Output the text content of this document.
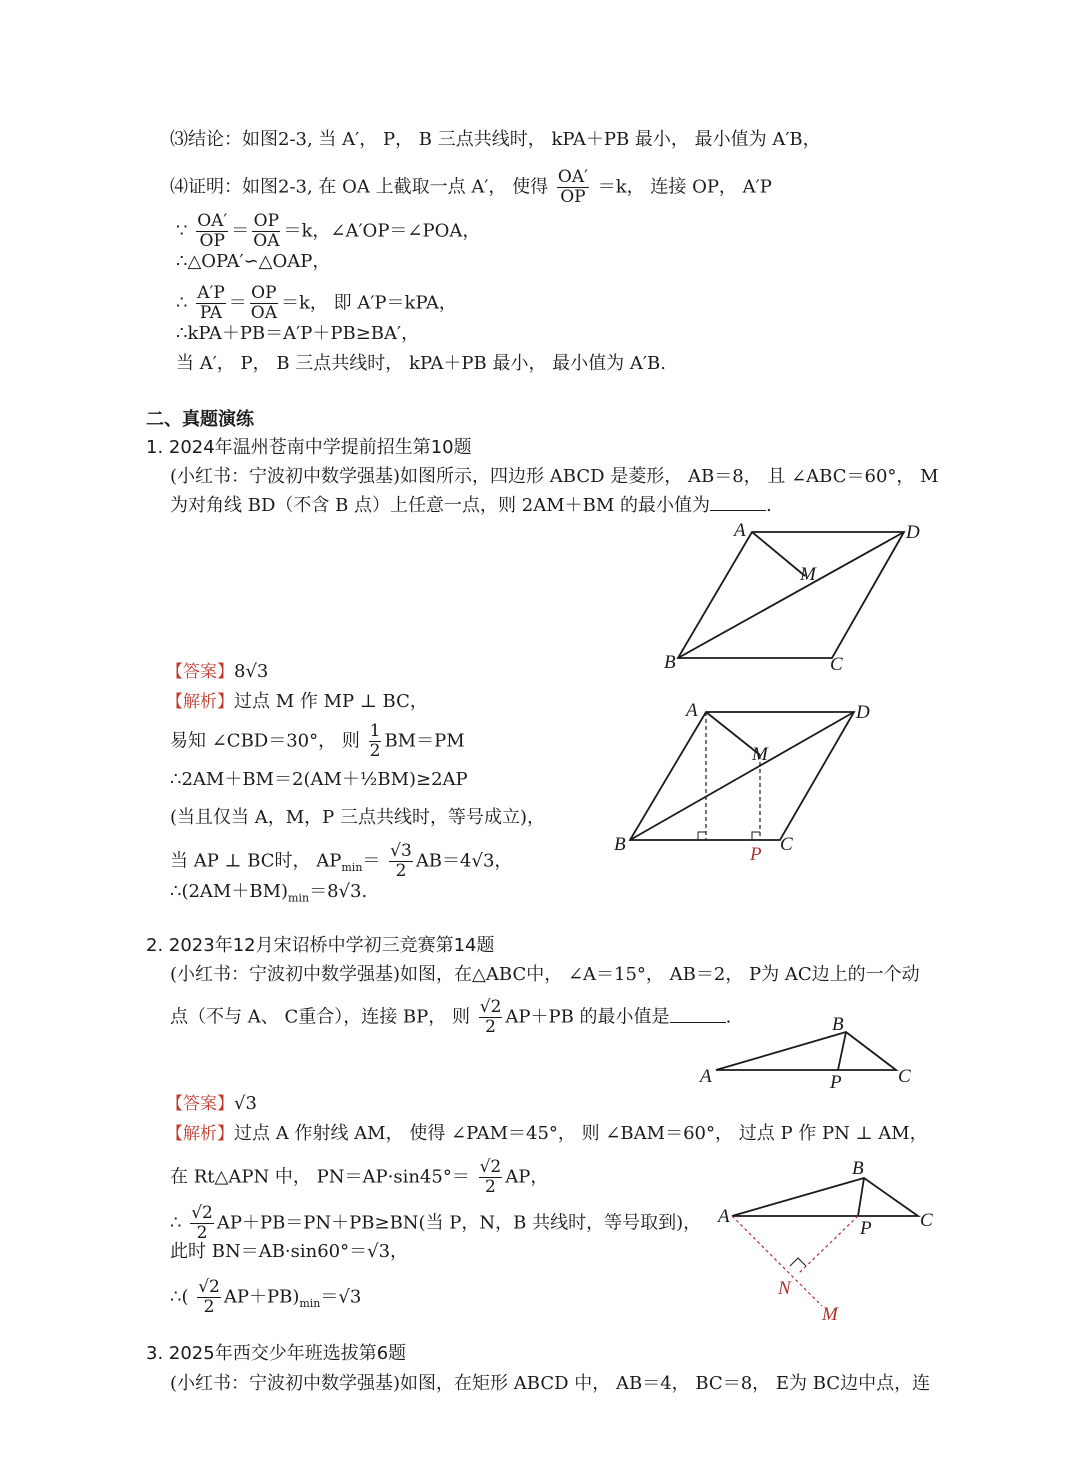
⑶结论：如图2-3, 当 A′， P， B 三点共线时， kPA＋PB 最小， 最小值为 A′B，
⑷证明：如图2-3, 在 OA 上截取一点 A′， 使得 $\frac{OA'}{OP} =k$， 连接 OP， A′P
∵ $\frac{OA'}{OP} = \frac{OP}{OA} =k$，∠A′OP＝∠POA，
∴△OPA′∽△OAP，
∴ $\frac{A'P}{PA} = \frac{OP}{OA} =k$， 即 A′P＝kPA，
∴kPA＋PB＝A′P＋PB≥BA′，
当 A′， P， B 三点共线时， kPA＋PB 最小， 最小值为 A′B.
二、真题演练
1. 2024年温州苍南中学提前招生第10题
(小红书：宁波初中数学强基)如图所示，四边形 ABCD 是菱形， AB＝8， 且 ∠ABC＝60°， M
为对角线 BD（不含 B 点）上任意一点，则 2AM＋BM 的最小值为	.
A	D
M
B	C
【答案】8√3
【解析】过点 M 作 MP ⊥ BC，
易知 ∠CBD＝30°， 则 $\frac{1}{2} BM=PM$
∴2AM＋BM＝2(AM＋½BM)≥2AP
(当且仅当 A，M，P 三点共线时，等号成立)，
当 AP ⊥ BC时， $AP_{min}= \frac{√3}{2} AB=4√3$，
$\therefore(2AM+BM)_{min}=8√3$.
A	D
M
B	C
P
2. 2023年12月宋诏桥中学初三竞赛第14题
(小红书：宁波初中数学强基)如图，在△ABC中， ∠A＝15°， AB＝2， P为 AC边上的一个动
点（不与 A、 C重合），连接 BP， 则 $\frac{√2}{2} AP+PB$ 的最小值是	.
A
B
C
P
【答案】√3
【解析】过点 A 作射线 AM， 使得 ∠PAM＝45°， 则 ∠BAM＝60°， 过点 P 作 PN ⊥ AM，
在 Rt△APN 中， $PN=AP\cdot\sin 45^\circ= \frac{√2}{2}$ AP，
∴ $\frac{√2}{2} AP+PB=PN+PB\ge BN$(当 P，N，B 共线时，等号取到)，
此时 BN＝AB·sin60°＝√3，
∴( $\frac{√2}{2} AP+PB)_{min}=√3$
A
B
C
P
N
M
3. 2025年西交少年班选拔第6题
(小红书：宁波初中数学强基)如图，在矩形 ABCD 中， AB＝4， BC＝8， E为 BC边中点，连
